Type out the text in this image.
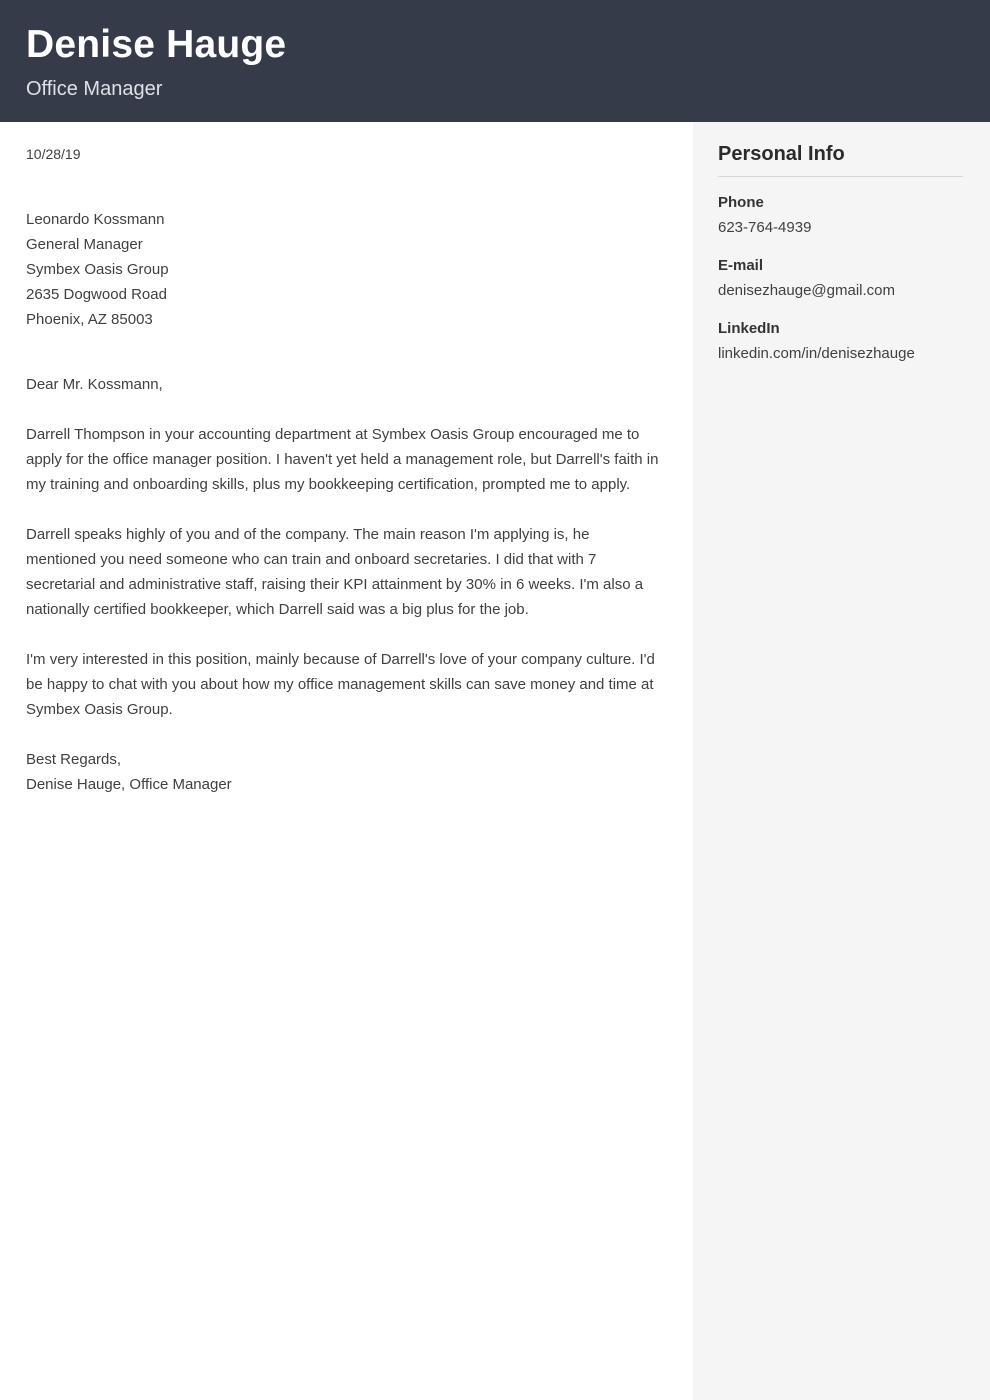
Denise Hauge
Office Manager
10/28/19
Leonardo Kossmann
General Manager
Symbex Oasis Group
2635 Dogwood Road
Phoenix, AZ 85003
Dear Mr. Kossmann,

Darrell Thompson in your accounting department at Symbex Oasis Group encouraged me to apply for the office manager position. I haven't yet held a management role, but Darrell's faith in my training and onboarding skills, plus my bookkeeping certification, prompted me to apply.

Darrell speaks highly of you and of the company. The main reason I'm applying is, he mentioned you need someone who can train and onboard secretaries. I did that with 7 secretarial and administrative staff, raising their KPI attainment by 30% in 6 weeks. I'm also a nationally certified bookkeeper, which Darrell said was a big plus for the job.

I'm very interested in this position, mainly because of Darrell's love of your company culture. I'd be happy to chat with you about how my office management skills can save money and time at Symbex Oasis Group.

Best Regards,
Denise Hauge, Office Manager
Personal Info
Phone
623-764-4939
E-mail
denisezhauge@gmail.com
LinkedIn
linkedin.com/in/denisezhauge
